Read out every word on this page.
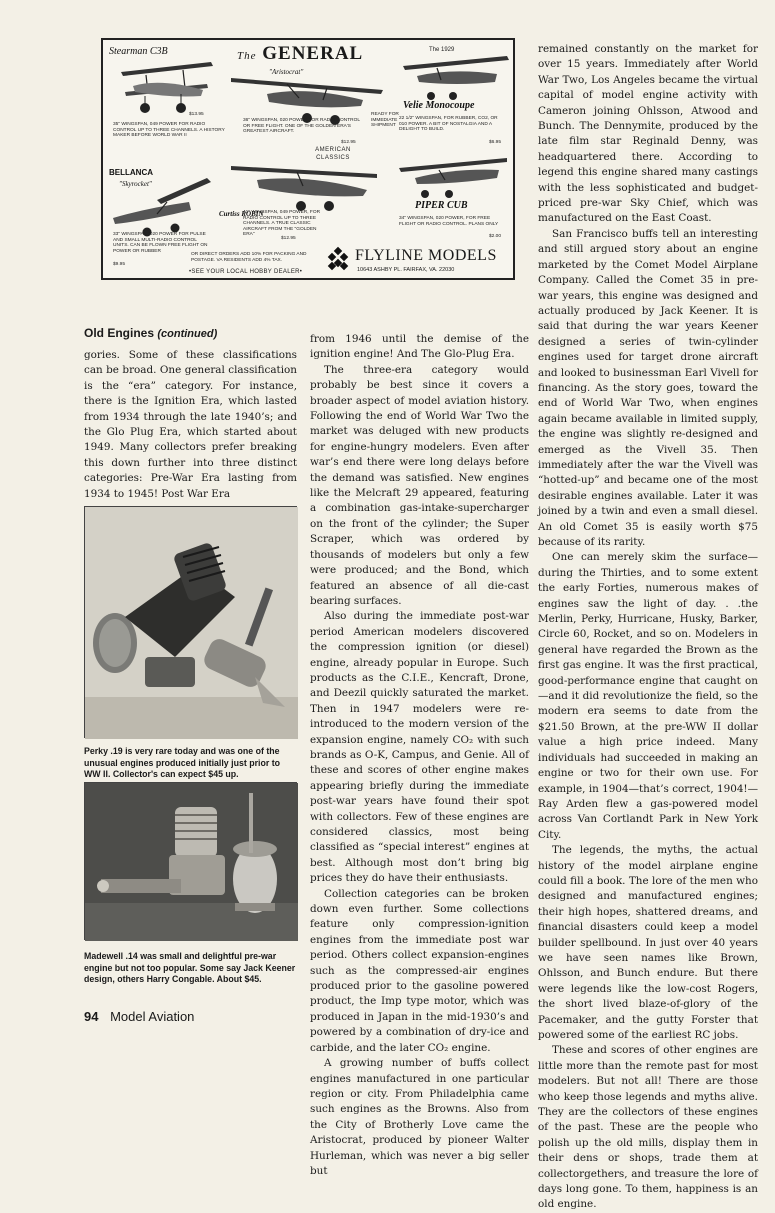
Stearman C3B
$13.95
35" WINGSPAN, 049 POWER FOR RADIO CONTROL UP TO THREE CHANNELS. A HISTORY MAKER BEFORE WORLD WAR II
The GENERAL
"Aristocrat"
36" WINGSPAN, 020 POWER FOR RADIO CONTROL OR FREE FLIGHT. ONE OF THE GOLDEN ERA'S GREATEST AIRCRAFT.
$12.95
READY FOR IMMEDIATE SHIPMENT
AMERICAN CLASSICS
The 1929
Velie Monocoupe
22 1/2" WINGSPAN, FOR RUBBER, CO2, OR 010 POWER. A BIT OF NOSTALGIA AND A DELIGHT TO BUILD.
$6.95
BELLANCA
"Skyrocket"
33" WINGSPAN, 020 POWER FOR PULSE AND SMALL MULTI-RADIO CONTROL UNITS. CAN BE FLOWN FREE FLIGHT ON POWER OR RUBBER
$9.95
Curtiss ROBIN
41" WINGSPAN, 049 POWER, FOR RADIO CONTROL UP TO THREE CHANNELS. A TRUE CLASSIC AIRCRAFT FROM THE "GOLDEN ERA"
$12.95
PIPER CUB
34" WINGSPAN, 020 POWER, FOR FREE FLIGHT OR RADIO CONTROL. PLANS ONLY
$2.00
OR DIRECT ORDERS ADD 10% FOR PACKING AND POSTAGE. VA RESIDENTS ADD 4% TAX.
•SEE YOUR LOCAL HOBBY DEALER•
FLYLINE MODELS
10643 ASHBY PL. FAIRFAX, VA. 22030
Old Engines (continued)

gories. Some of these classifications can be broad. One general classification is the “era” category. For instance, there is the Ignition Era, which lasted from 1934 through the late 1940’s; and the Glo Plug Era, which started about 1949. Many collectors prefer breaking this down further into three distinct categories: Pre-War Era lasting from 1934 to 1945! Post War Era

Perky .19 is very rare today and was one of the unusual engines produced initially just prior to WW II. Collector's can expect $45 up.
Madewell .14 was small and delightful pre-war engine but not too popular. Some say Jack Keener design, others Harry Congable. About $45.

from 1946 until the demise of the ignition engine! And The Glo-Plug Era.

The three-era category would probably be best since it covers a broader aspect of model aviation history. Following the end of World War Two the market was deluged with new products for engine-hungry modelers. Even after war’s end there were long delays before the demand was satisfied. New engines like the Melcraft 29 appeared, featuring a combination gas-intake-supercharger on the front of the cylinder; the Super Scraper, which was ordered by thousands of modelers but only a few were produced; and the Bond, which featured an absence of all die-cast bearing surfaces.

Also during the immediate post-war period American modelers discovered the compression ignition (or diesel) engine, already popular in Europe. Such products as the C.I.E., Kencraft, Drone, and Deezil quickly saturated the market. Then in 1947 modelers were re-introduced to the modern version of the expansion engine, namely CO₂ with such brands as O-K, Campus, and Genie. All of these and scores of other engine makes appearing briefly during the immediate post-war years have found their spot with collectors. Few of these engines are considered classics, most being classified as “special interest” engines at best. Although most don’t bring big prices they do have their enthusiasts.

Collection categories can be broken down even further. Some collections feature only compression-ignition engines from the immediate post war period. Others collect expansion-engines such as the compressed-air engines produced prior to the gasoline powered product, the Imp type motor, which was produced in Japan in the mid-1930’s and powered by a combination of dry-ice and carbide, and the later CO₂ engine.

A growing number of buffs collect engines manufactured in one particular region or city. From Philadelphia came such engines as the Browns. Also from the City of Brotherly Love came the Aristocrat, produced by pioneer Walter Hurleman, which was never a big seller but

remained constantly on the market for over 15 years. Immediately after World War Two, Los Angeles became the virtual capital of model engine activity with Cameron joining Ohlsson, Atwood and Bunch. The Dennymite, produced by the late film star Reginald Denny, was headquartered there. According to legend this engine shared many castings with the less sophisticated and budget-priced pre-war Sky Chief, which was manufactured on the East Coast.

San Francisco buffs tell an interesting and still argued story about an engine marketed by the Comet Model Airplane Company. Called the Comet 35 in pre-war years, this engine was designed and actually produced by Jack Keener. It is said that during the war years Keener designed a series of twin-cylinder engines used for target drone aircraft and looked to businessman Earl Vivell for financing. As the story goes, toward the end of World War Two, when engines again became available in limited supply, the engine was slightly re-designed and emerged as the Vivell 35. Then immediately after the war the Vivell was “hotted-up” and became one of the most desirable engines available. Later it was joined by a twin and even a small diesel. An old Comet 35 is easily worth $75 because of its rarity.

One can merely skim the surface—during the Thirties, and to some extent the early Forties, numerous makes of engines saw the light of day. . .the Merlin, Perky, Hurricane, Husky, Barker, Circle 60, Rocket, and so on. Modelers in general have regarded the Brown as the first gas engine. It was the first practical, good-performance engine that caught on—and it did revolutionize the field, so the modern era seems to date from the $21.50 Brown, at the pre-WW II dollar value a high price indeed. Many individuals had succeeded in making an engine or two for their own use. For example, in 1904—that’s correct, 1904!—Ray Arden flew a gas-powered model across Van Cortlandt Park in New York City.

The legends, the myths, the actual history of the model airplane engine could fill a book. The lore of the men who designed and manufactured engines; their high hopes, shattered dreams, and financial disasters could keep a model builder spellbound. In just over 40 years we have seen names like Brown, Ohlsson, and Bunch endure. But there were legends like the low-cost Rogers, the short lived blaze-of-glory of the Pacemaker, and the gutty Forster that powered some of the earliest RC jobs.

These and scores of other engines are little more than the remote past for most modelers. But not all! There are those who keep those legends and myths alive. They are the collectors of these engines of the past. These are the people who polish up the old mills, display them in their dens or shops, trade them at collectorgethers, and treasure the lore of days long gone. To them, happiness is an old engine.

94 Model Aviation
